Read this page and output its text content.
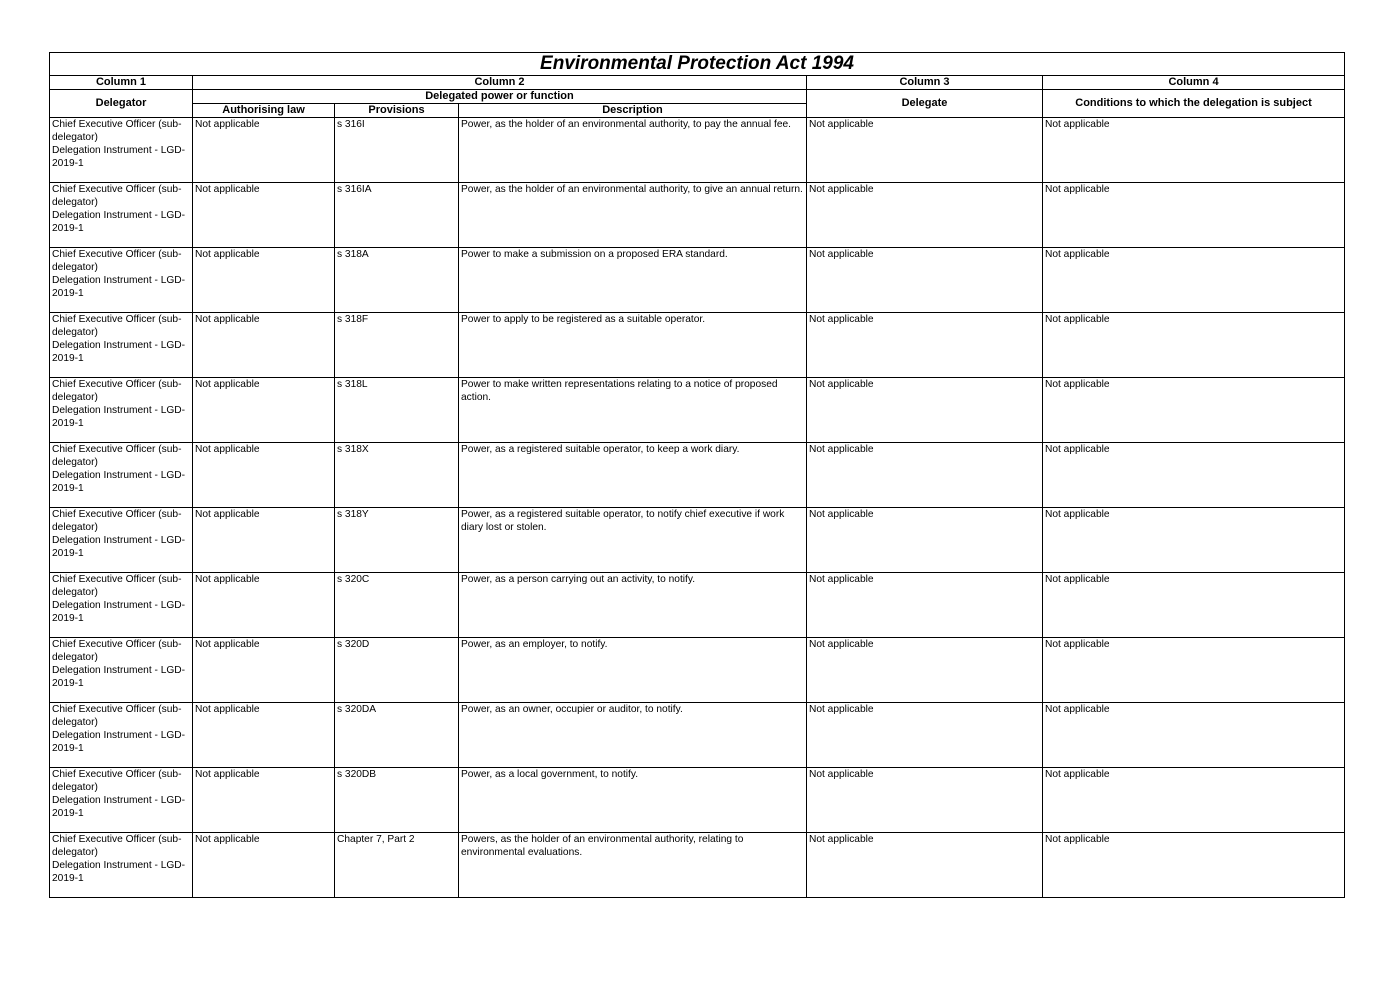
Environmental Protection Act 1994					
Column 1	Column 2			Column 3	Column 4
Delegator	Delegated power or function			Delegate	Conditions to which the delegation is subject
	Authorising law	Provisions	Description		

Chief Executive Officer (sub-delegator)
Delegation Instrument - LGD-2019-1	Not applicable	s 316I	Power, as the holder of an environmental authority, to pay the annual fee.	Not applicable	Not applicable

Chief Executive Officer (sub-delegator)
Delegation Instrument - LGD-2019-1	Not applicable	s 316IA	Power, as the holder of an environmental authority, to give an annual return.	Not applicable	Not applicable

Chief Executive Officer (sub-delegator)
Delegation Instrument - LGD-2019-1	Not applicable	s 318A	Power to make a submission on a proposed ERA standard.	Not applicable	Not applicable

Chief Executive Officer (sub-delegator)
Delegation Instrument - LGD-2019-1	Not applicable	s 318F	Power to apply to be registered as a suitable operator.	Not applicable	Not applicable

Chief Executive Officer (sub-delegator)
Delegation Instrument - LGD-2019-1	Not applicable	s 318L	Power to make written representations relating to a notice of proposed action.	Not applicable	Not applicable

Chief Executive Officer (sub-delegator)
Delegation Instrument - LGD-2019-1	Not applicable	s 318X	Power, as a registered suitable operator, to keep a work diary.	Not applicable	Not applicable

Chief Executive Officer (sub-delegator)
Delegation Instrument - LGD-2019-1	Not applicable	s 318Y	Power, as a registered suitable operator, to notify chief executive if work diary lost or stolen.	Not applicable	Not applicable

Chief Executive Officer (sub-delegator)
Delegation Instrument - LGD-2019-1	Not applicable	s 320C	Power, as a person carrying out an activity, to notify.	Not applicable	Not applicable

Chief Executive Officer (sub-delegator)
Delegation Instrument - LGD-2019-1	Not applicable	s 320D	Power, as an employer, to notify.	Not applicable	Not applicable

Chief Executive Officer (sub-delegator)
Delegation Instrument - LGD-2019-1	Not applicable	s 320DA	Power, as an owner, occupier or auditor, to notify.	Not applicable	Not applicable

Chief Executive Officer (sub-delegator)
Delegation Instrument - LGD-2019-1	Not applicable	s 320DB	Power, as a local government, to notify.	Not applicable	Not applicable

Chief Executive Officer (sub-delegator)
Delegation Instrument - LGD-2019-1	Not applicable	Chapter 7, Part 2	Powers, as the holder of an environmental authority, relating to environmental evaluations.	Not applicable	Not applicable
